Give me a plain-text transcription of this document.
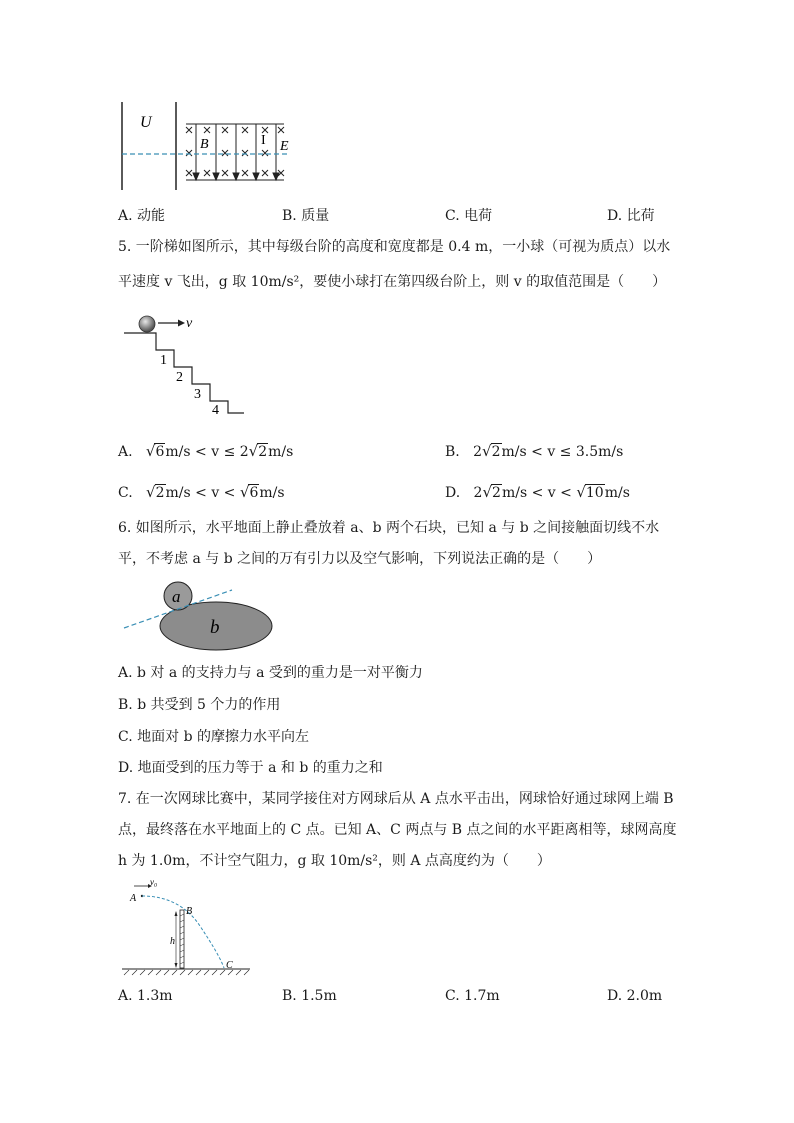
U
B	I E
A. 动能	B. 质量	C. 电荷	D. 比荷
5. 一阶梯如图所示，其中每级台阶的高度和宽度都是 0.4 m，一小球（可视为质点）以水
平速度 v 飞出，g 取 10m/s²，要使小球打在第四级台阶上，则 v 的取值范围是（　　）
v
1
2
3
4
A. √6m/s < v ≤ 2√2m/s	B. 2√2m/s < v ≤ 3.5m/s
C. √2m/s < v < √6m/s	D. 2√2m/s < v < √10m/s
6. 如图所示，水平地面上静止叠放着 a、b 两个石块，已知 a 与 b 之间接触面切线不水
平，不考虑 a 与 b 之间的万有引力以及空气影响，下列说法正确的是（　　）
a
b
A. b 对 a 的支持力与 a 受到的重力是一对平衡力
B. b 共受到 5 个力的作用
C. 地面对 b 的摩擦力水平向左
D. 地面受到的压力等于 a 和 b 的重力之和
7. 在一次网球比赛中，某同学接住对方网球后从 A 点水平击出，网球恰好通过球网上端 B
点，最终落在水平地面上的 C 点。已知 A、C 两点与 B 点之间的水平距离相等，球网高度
h 为 1.0m，不计空气阻力，g 取 10m/s²，则 A 点高度约为（　　）
v₀
A
B
h
C
A. 1.3m	B. 1.5m	C. 1.7m	D. 2.0m
